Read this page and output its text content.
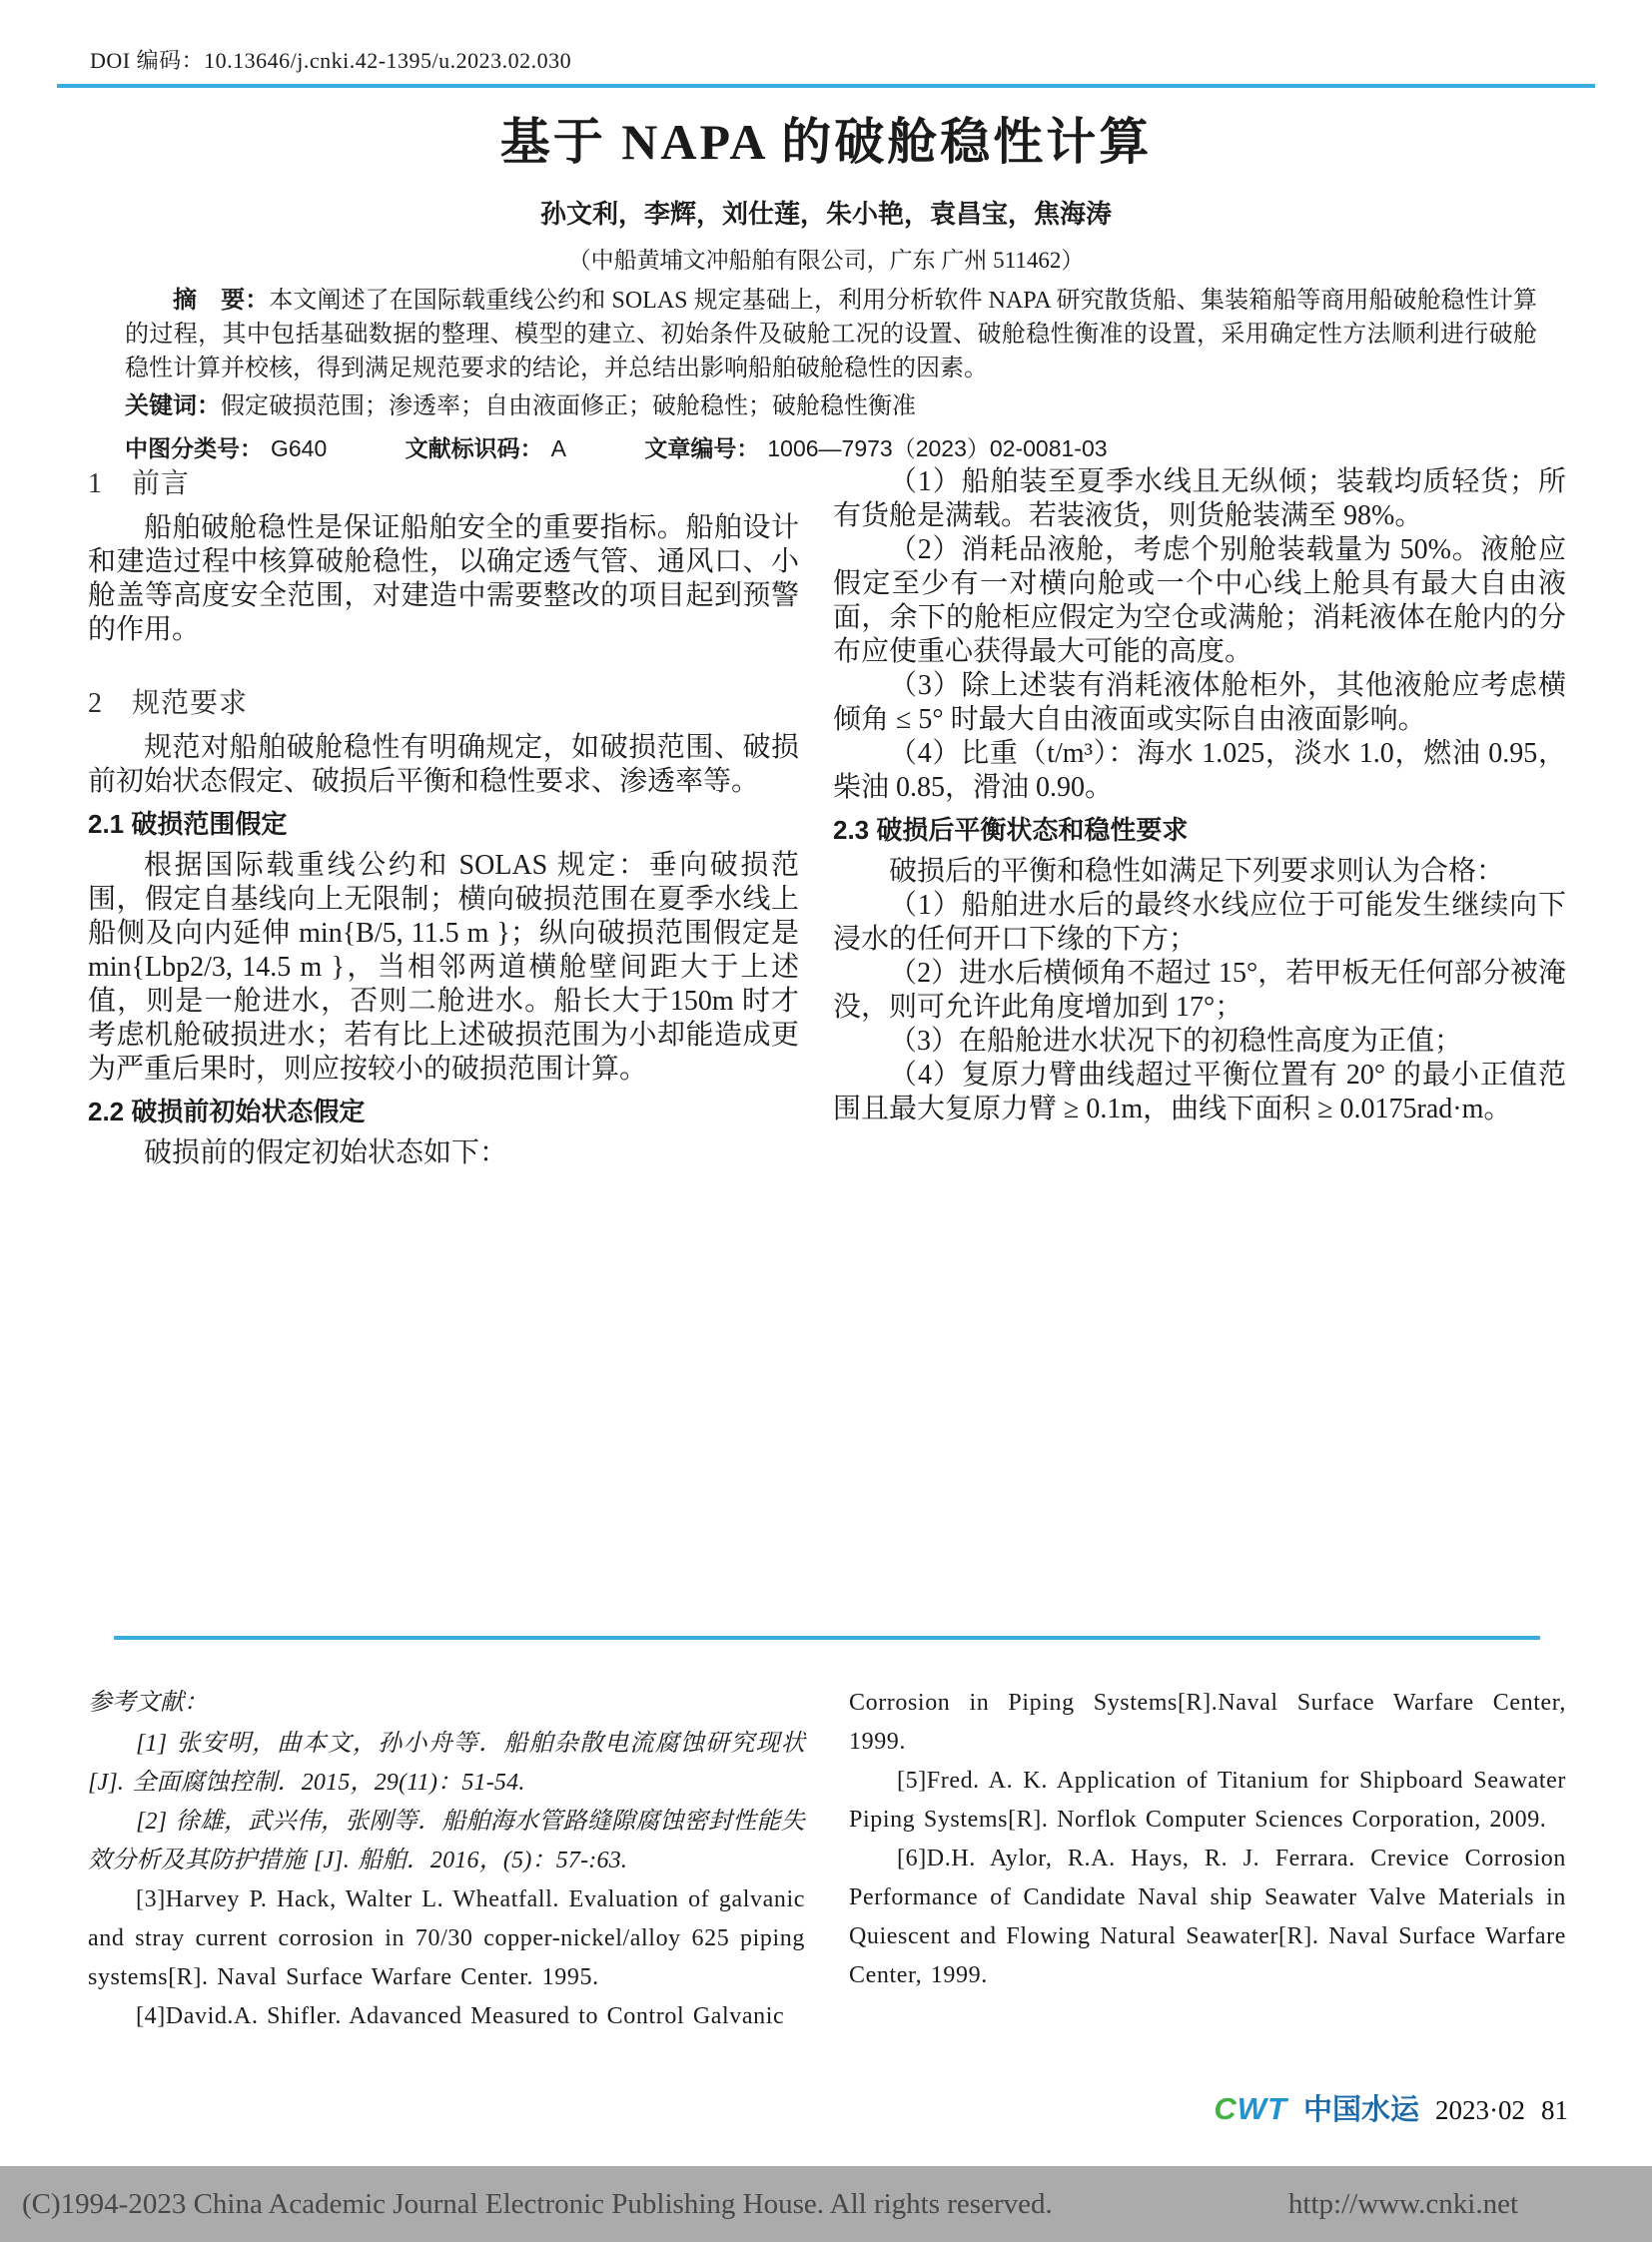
DOI 编码：10.13646/j.cnki.42-1395/u.2023.02.030
基于 NAPA 的破舱稳性计算
孙文利，李辉，刘仕莲，朱小艳，袁昌宝，焦海涛
（中船黄埔文冲船舶有限公司，广东 广州 511462）

摘　要：本文阐述了在国际载重线公约和 SOLAS 规定基础上，利用分析软件 NAPA 研究散货船、集装箱船等商用船破舱稳性计算的过程，其中包括基础数据的整理、模型的建立、初始条件及破舱工况的设置、破舱稳性衡准的设置，采用确定性方法顺利进行破舱稳性计算并校核，得到满足规范要求的结论，并总结出影响船舶破舱稳性的因素。

关键词：假定破损范围；渗透率；自由液面修正；破舱稳性；破舱稳性衡准

中图分类号： G640	文献标识码： A	文章编号： 1006—7973（2023）02-0081-03

1　前言

船舶破舱稳性是保证船舶安全的重要指标。船舶设计和建造过程中核算破舱稳性，以确定透气管、通风口、小舱盖等高度安全范围，对建造中需要整改的项目起到预警的作用。

2　规范要求

规范对船舶破舱稳性有明确规定，如破损范围、破损前初始状态假定、破损后平衡和稳性要求、渗透率等。

2.1 破损范围假定

根据国际载重线公约和 SOLAS 规定：垂向破损范围，假定自基线向上无限制；横向破损范围在夏季水线上船侧及向内延伸 min{B/5, 11.5 m }；纵向破损范围假定是 min{Lbp2/3, 14.5 m }，当相邻两道横舱壁间距大于上述值，则是一舱进水，否则二舱进水。船长大于150m 时才考虑机舱破损进水；若有比上述破损范围为小却能造成更为严重后果时，则应按较小的破损范围计算。

2.2 破损前初始状态假定

破损前的假定初始状态如下：

（1）船舶装至夏季水线且无纵倾；装载均质轻货；所有货舱是满载。若装液货，则货舱装满至 98%。

（2）消耗品液舱，考虑个别舱装载量为 50%。液舱应假定至少有一对横向舱或一个中心线上舱具有最大自由液面，余下的舱柜应假定为空仓或满舱；消耗液体在舱内的分布应使重心获得最大可能的高度。

（3）除上述装有消耗液体舱柜外，其他液舱应考虑横倾角 ≤ 5° 时最大自由液面或实际自由液面影响。

（4）比重（t/m³）：海水 1.025，淡水 1.0，燃油 0.95，柴油 0.85，滑油 0.90。

2.3 破损后平衡状态和稳性要求

破损后的平衡和稳性如满足下列要求则认为合格：

（1）船舶进水后的最终水线应位于可能发生继续向下浸水的任何开口下缘的下方；

（2）进水后横倾角不超过 15°，若甲板无任何部分被淹没，则可允许此角度增加到 17°；

（3）在船舱进水状况下的初稳性高度为正值；

（4）复原力臂曲线超过平衡位置有 20° 的最小正值范围且最大复原力臂 ≥ 0.1m，曲线下面积 ≥ 0.0175rad·m。

参考文献：

[1] 张安明，曲本文，孙小舟等．船舶杂散电流腐蚀研究现状 [J]. 全面腐蚀控制．2015，29(11)：51-54.

[2] 徐雄，武兴伟，张刚等．船舶海水管路缝隙腐蚀密封性能失效分析及其防护措施 [J]. 船舶．2016，(5)：57-:63.

[3]Harvey P. Hack, Walter L. Wheatfall. Evaluation of galvanic and stray current corrosion in 70/30 copper-nickel/alloy 625 piping systems[R]. Naval Surface Warfare Center. 1995.

[4]David.A. Shifler. Adavanced Measured to Control Galvanic

Corrosion in Piping Systems[R].Naval Surface Warfare Center, 1999.

[5]Fred. A. K. Application of Titanium for Shipboard Seawater Piping Systems[R]. Norflok Computer Sciences Corporation, 2009.

[6]D.H. Aylor, R.A. Hays, R. J. Ferrara. Crevice Corrosion Performance of Candidate Naval ship Seawater Valve Materials in Quiescent and Flowing Natural Seawater[R]. Naval Surface Warfare Center, 1999.

CWT 中国水运 2023·02 81
(C)1994-2023 China Academic Journal Electronic Publishing House. All rights reserved.	http://www.cnki.net
